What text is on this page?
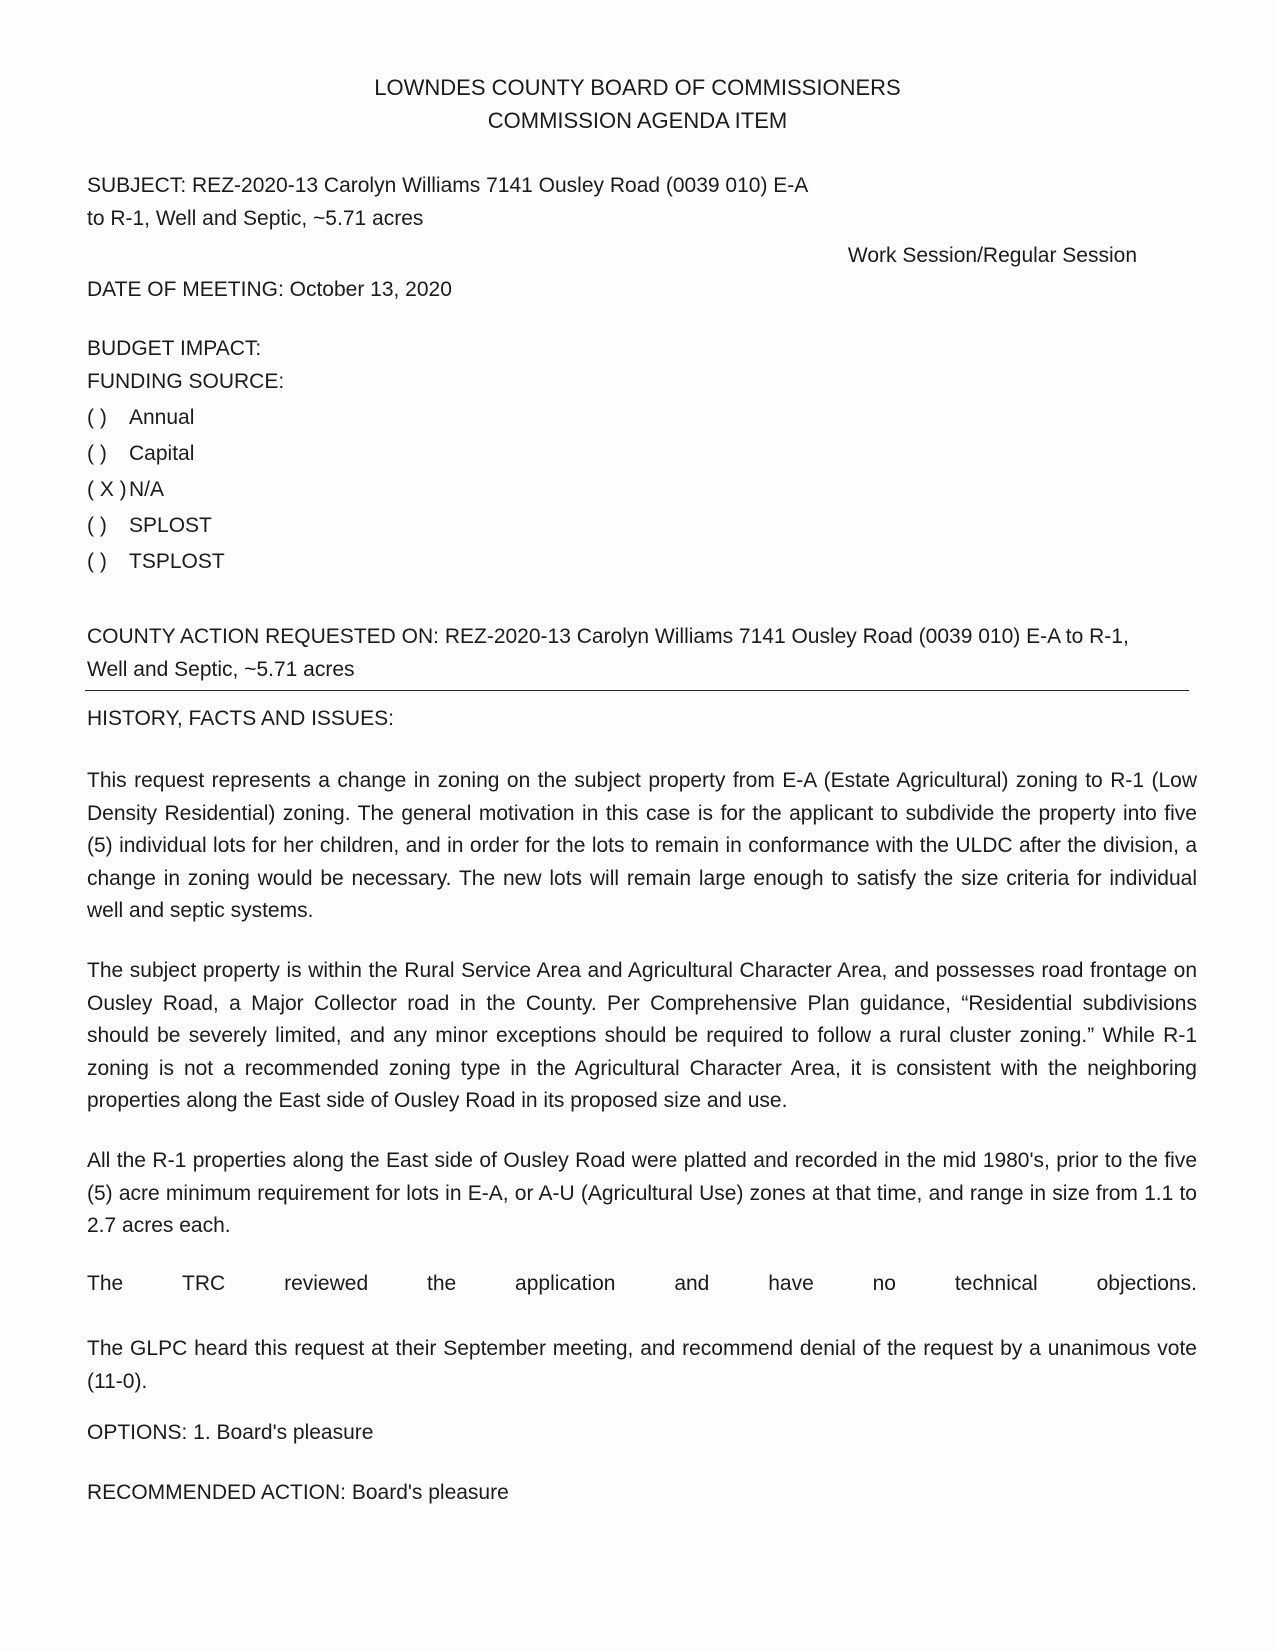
LOWNDES COUNTY BOARD OF COMMISSIONERS
COMMISSION AGENDA ITEM
SUBJECT: REZ-2020-13 Carolyn Williams 7141 Ousley Road (0039 010) E-A
to R-1, Well and Septic, ~5.71 acres
Work Session/Regular Session
DATE OF MEETING: October 13, 2020
BUDGET IMPACT:
FUNDING SOURCE:
( ) Annual
( ) Capital
( X ) N/A
( ) SPLOST
( ) TSPLOST
COUNTY ACTION REQUESTED ON: REZ-2020-13 Carolyn Williams 7141 Ousley Road (0039 010) E-A to R-1,
Well and Septic, ~5.71 acres
HISTORY, FACTS AND ISSUES:

This request represents a change in zoning on the subject property from E-A (Estate Agricultural) zoning to R-1 (Low Density Residential) zoning. The general motivation in this case is for the applicant to subdivide the property into five (5) individual lots for her children, and in order for the lots to remain in conformance with the ULDC after the division, a change in zoning would be necessary. The new lots will remain large enough to satisfy the size criteria for individual well and septic systems.

The subject property is within the Rural Service Area and Agricultural Character Area, and possesses road frontage on Ousley Road, a Major Collector road in the County. Per Comprehensive Plan guidance, “Residential subdivisions should be severely limited, and any minor exceptions should be required to follow a rural cluster zoning.” While R-1 zoning is not a recommended zoning type in the Agricultural Character Area, it is consistent with the neighboring properties along the East side of Ousley Road in its proposed size and use.

All the R-1 properties along the East side of Ousley Road were platted and recorded in the mid 1980's, prior to the five (5) acre minimum requirement for lots in E-A, or A-U (Agricultural Use) zones at that time, and range in size from 1.1 to 2.7 acres each.

The	TRC	reviewed	the	application	and	have	no	technical	objections.

The GLPC heard this request at their September meeting, and recommend denial of the request by a unanimous vote (11-0).

OPTIONS: 1. Board's pleasure
RECOMMENDED ACTION: Board's pleasure
